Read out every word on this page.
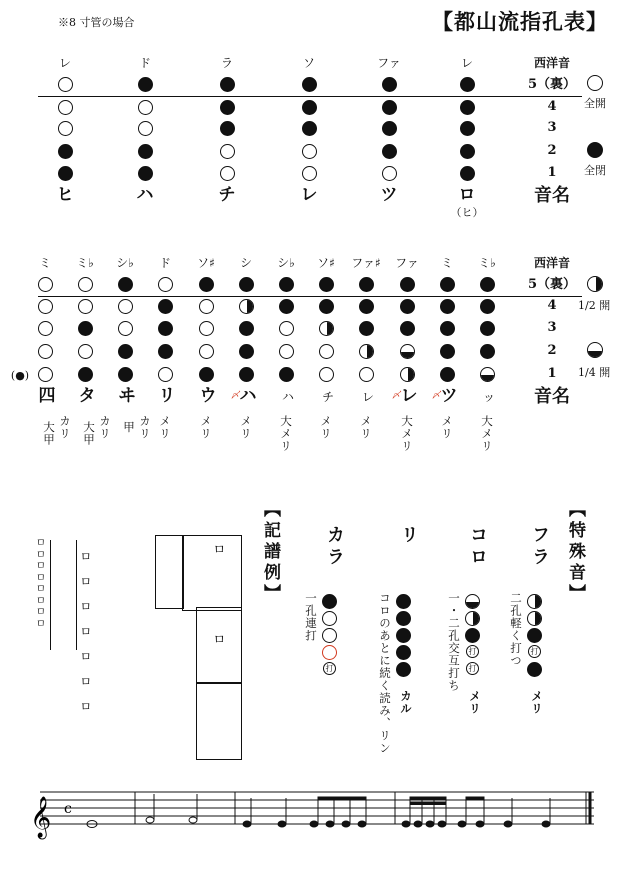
※8 寸管の場合	【都山流指孔表】
レ
ヒ
ド
ハ
ラ
チ
ソ
レ
ファ
ツ
レ
ロ
（ヒ）
西洋音
5（裏）
4
3
2
1
音名
ミ
四
カリ
大甲
ミ♭
タ
カリ
大甲
シ♭
ヰ
カリ
甲
ド
リ
メリ
ソ♯
ウ
メリ
シ
ハ
〆
メリ
シ♭
ハ
大メリ
ソ♯
チ
メリ
ファ♯
レ
メリ
ファ
レ
〆
大メリ
ミ
ツ
〆
メリ
ミ♭
ッ
大メリ
(●)
西洋音
5（裏）
4
3
2
1
音名
全開
全閉
1/2 開
1/4 開
【記譜例】
ㅁ
ㅁ
ㅁ
ㅁ
ㅁ
ㅁ
ㅁ
ㅁ
ㅁ
ㅁ
ㅁ
ㅁ
ㅁ
ㅁ
ㅁ
ㅁ
ㅁ
【特殊音】
フラ
打
二孔軽く打つ
メリ
コロ
打
打
一・二孔交互打ち
メリ
リ
コロのあとに続く読み、リン カル
カラ
打
一孔連打
𝄞 c
